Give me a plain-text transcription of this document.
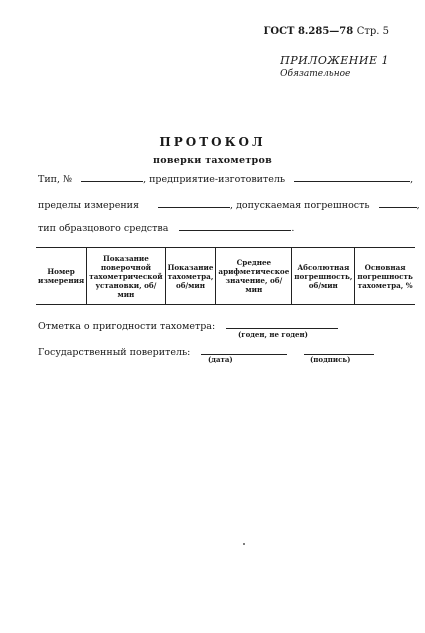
ГОСТ 8.285—78 Стр. 5
ПРИЛОЖЕНИЕ 1
Обязательное
ПРОТОКОЛ
поверки тахометров
Тип, №	, предприятие-изготовитель	,
пределы измерения	, допускаемая погрешность	,
тип образцового средства	.
Номер измерения	Показание поверочной тахометрической установки, об/мин	Показание тахометра, об/мин	Среднее арифметическое значение, об/мин	Абсолютная погрешность, об/мин	Основная погрешность тахометра, %
Отметка о пригодности тахометра:
(годен, не годен)
Государственный поверитель:
(дата)	(подпись)
